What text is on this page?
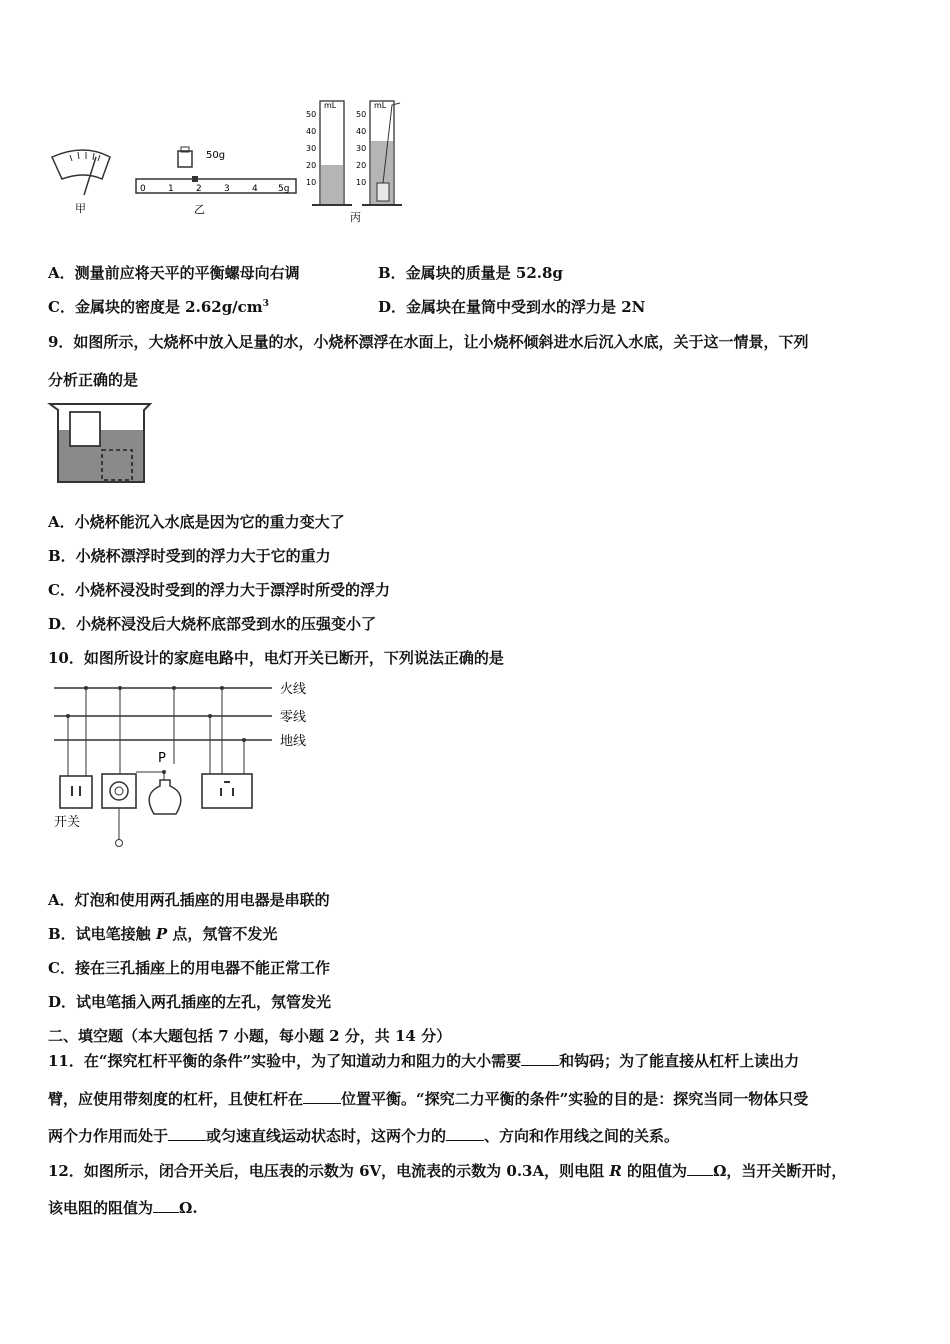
甲
50g
0 1 2 3 4 5g
乙
mL	mL
50
40
30
20
10
50
40
30
20
10
丙
A．测量前应将天平的平衡螺母向右调	B．金属块的质量是 52.8g
C．金属块的密度是 $2.62g/cm^3$	D．金属块在量筒中受到水的浮力是 2N
9．如图所示，大烧杯中放入足量的水，小烧杯漂浮在水面上，让小烧杯倾斜进水后沉入水底，关于这一情景，下列
分析正确的是
A．小烧杯能沉入水底是因为它的重力变大了
B．小烧杯漂浮时受到的浮力大于它的重力
C．小烧杯浸没时受到的浮力大于漂浮时所受的浮力
D．小烧杯浸没后大烧杯底部受到水的压强变小了
10．如图所设计的家庭电路中，电灯开关已断开，下列说法正确的是
火线
零线
地线
开关
P
A．灯泡和使用两孔插座的用电器是串联的
B．试电笔接触 P 点，氖管不发光
C．接在三孔插座上的用电器不能正常工作
D．试电笔插入两孔插座的左孔，氖管发光
二、填空题（本大题包括 7 小题，每小题 2 分，共 14 分）
11．在“探究杠杆平衡的条件”实验中，为了知道动力和阻力的大小需要	和钩码；为了能直接从杠杆上读出力
臂，应使用带刻度的杠杆，且使杠杆在	位置平衡。“探究二力平衡的条件”实验的目的是：探究当同一物体只受
两个力作用而处于	或匀速直线运动状态时，这两个力的	、方向和作用线之间的关系。
12．如图所示，闭合开关后，电压表的示数为 6V，电流表的示数为 0.3A，则电阻 R 的阻值为 Ω，当开关断开时，
该电阻的阻值为 Ω.
